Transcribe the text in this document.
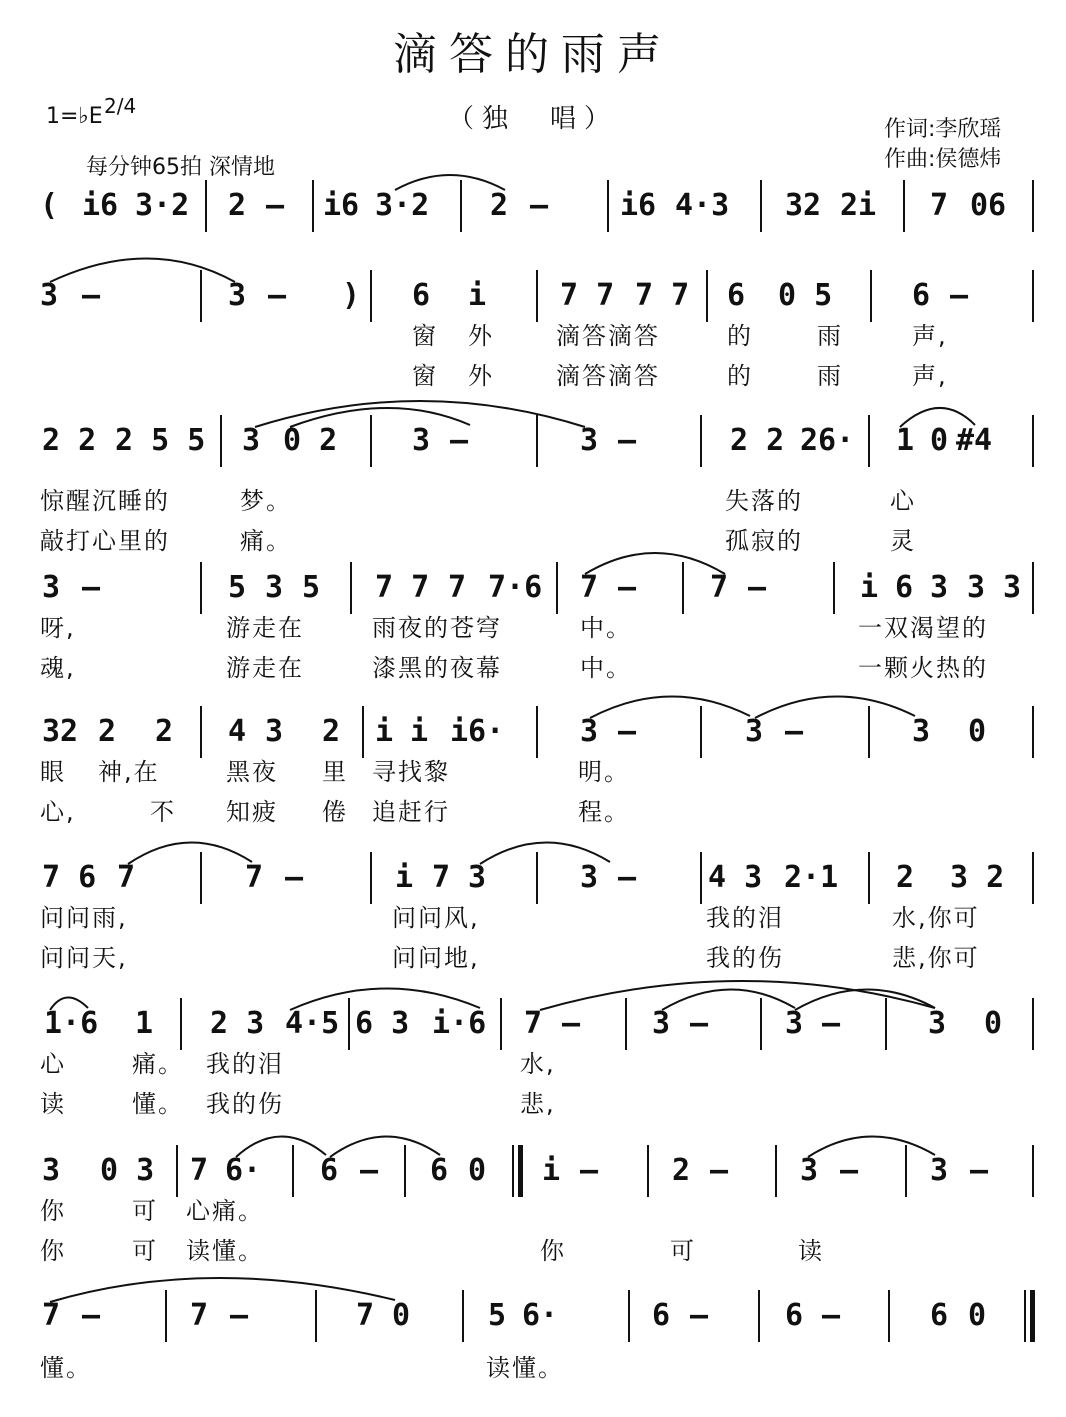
滴答的雨声
（独　唱）
1=♭E 2/4
每分钟65拍 深情地
作词:李欣瑶
作曲:侯德炜
( i6 3·2 2 – i6 3·2 2 – i6 4·3 32 2i 7 06
3 –	3 – ) 6 i 7 7 7 7 6 0 5	6 –
窗 外	滴答滴答	的	雨	声,
窗 外	滴答滴答	的	雨	声,
2 2 2 5 5 3 0 2 3 –	3 –	2 2 26· 1 0 #4
惊醒沉睡的	梦。	失落的	心
敲打心里的	痛。	孤寂的	灵
3 –	5 3 5 7 7 7 7·6 7 – 7 –	i 6 3 3 3
呀,	游走在	雨夜的苍穹	中。	一双渴望的
魂,	游走在	漆黑的夜幕	中。	一颗火热的
32 2 2 4 3 2 i i i6·	3 –	3 –	3 0
眼 神,在	黑夜 里 寻找黎	明。
心,	不 知疲 倦 追赶行	程。
7 6 7	7 –	i 7 3	3 – 4 3 2·1 2 3 2
问问雨,	问问风,	我的泪	水,你可
问问天,	问问地,	我的伤	悲,你可
1·6 1 2 3 4·5 6 3 i·6 7 – 3 –	3 –	3 0
心	痛。 我的泪	水,
读	懂。 我的伤	悲,
3 0 3 7 6· 6 – 6 0 i – 2 – 3 – 3 –
你	可 心痛。
你	可 读懂。	你	可	读
7 –	7 –	7 0	5 6·	6 –	6 –	6 0
懂。	读懂。
